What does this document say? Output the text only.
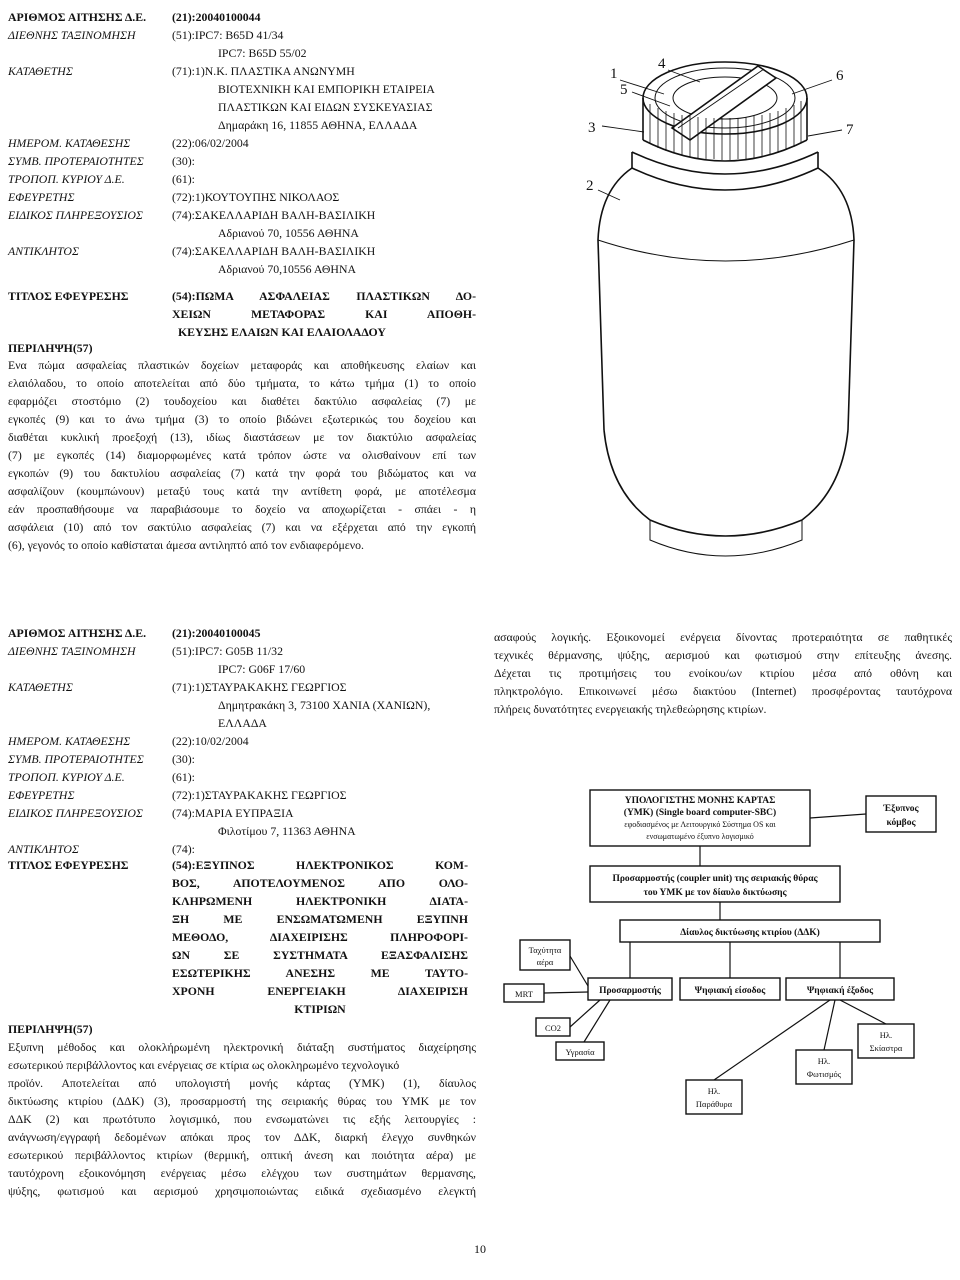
ΑΡΙΘΜΟΣ ΑΙΤΗΣΗΣ Δ.Ε. (21):20040100044
ΔΙΕΘΝΗΣ ΤΑΞΙΝΟΜΗΣΗ	(51):IPC7: B65D 41/34
IPC7: B65D 55/02
ΚΑΤΑΘΕΤΗΣ	(71):1)Ν.Κ. ΠΛΑΣΤΙΚΑ ΑΝΩΝΥΜΗ
ΒΙΟΤΕΧΝΙΚΗ ΚΑΙ ΕΜΠΟΡΙΚΗ ΕΤΑΙΡΕΙΑ
ΠΛΑΣΤΙΚΩΝ ΚΑΙ ΕΙΔΩΝ ΣΥΣΚΕΥΑΣΙΑΣ
Δημαράκη 16, 11855 ΑΘΗΝΑ, ΕΛΛΑΔΑ
ΗΜΕΡΟΜ. ΚΑΤΑΘΕΣΗΣ	(22):06/02/2004
ΣΥΜΒ. ΠΡΟΤΕΡΑΙΟΤΗΤΕΣ (30):
ΤΡΟΠΟΠ. ΚΥΡΙΟΥ Δ.Ε.	(61):
ΕΦΕΥΡΕΤΗΣ	(72):1)ΚΟΥΤΟΥΠΗΣ ΝΙΚΟΛΑΟΣ
ΕΙΔΙΚΟΣ ΠΛΗΡΕΞΟΥΣΙΟΣ (74):ΣΑΚΕΛΛΑΡΙΔΗ ΒΑΛΗ-ΒΑΣΙΛΙΚΗ
Αδριανού 70, 10556 ΑΘΗΝΑ
ΑΝΤΙΚΛΗΤΟΣ	(74):ΣΑΚΕΛΛΑΡΙΔΗ ΒΑΛΗ-ΒΑΣΙΛΙΚΗ
Αδριανού 70,10556 ΑΘΗΝΑ
ΤΙΤΛΟΣ ΕΦΕΥΡΕΣΗΣ	(54):ΠΩΜΑ ΑΣΦΑΛΕΙΑΣ ΠΛΑΣΤΙΚΩΝ ΔΟ-
ΧΕΙΩΝ ΜΕΤΑΦΟΡΑΣ ΚΑΙ ΑΠΟΘΗ-
ΚΕΥΣΗΣ ΕΛΑΙΩΝ ΚΑΙ ΕΛΑΙΟΛΑΔΟΥ
ΠΕΡΙΛΗΨΗ(57)
Ενα πώμα ασφαλείας πλαστικών δοχείων μεταφοράς και αποθήκευσης ελαίων και
ελαιόλαδου, το οποίο αποτελείται από δύο τμήματα, το κάτω τμήμα (1) το οποίο
εφαρμόζει στοστόμιο (2) τουδοχείου και διαθέτει δακτύλιο ασφαλείας (7) με
εγκοπές (9) και το άνω τμήμα (3) το οποίο βιδώνει εξωτερικώς του δοχείου και
διαθέται κυκλική προεξοχή (13), ιδίως διαστάσεων με τον διακτύλιο ασφαλείας
(7) με εγκοπές (14) διαμορφωμένες κατά τρόπον ώστε να ολισθαίνουν επί των
εγκοπών (9) του δακτυλίου ασφαλείας (7) κατά την φορά του βιδώματος και να
ασφαλίζουν (κουμπώνουν) μεταξύ τους κατά την αντίθετη φορά, με αποτέλεσμα
εάν προσπαθήσουμε να παραβιάσουμε το δοχείο να αποχωρίζεται - σπάει - η
ασφάλεια (10) από τον σακτύλιο ασφαλείας (7) και να εξέρχεται από την εγκοπή
(6), γεγονός το οποίο καθίσταται άμεσα αντιληπτό από τον ενδιαφερόμενο.
1
5
4
3
6
7
2
ΑΡΙΘΜΟΣ ΑΙΤΗΣΗΣ Δ.Ε. (21):20040100045
ΔΙΕΘΝΗΣ ΤΑΞΙΝΟΜΗΣΗ	(51):IPC7: G05B 11/32
IPC7: G06F 17/60
ΚΑΤΑΘΕΤΗΣ	(71):1)ΣΤΑΥΡΑΚΑΚΗΣ ΓΕΩΡΓΙΟΣ
Δημητρακάκη 3, 73100 ΧΑΝΙΑ (ΧΑΝΙΩΝ),
ΕΛΛΑΔΑ
ΗΜΕΡΟΜ. ΚΑΤΑΘΕΣΗΣ	(22):10/02/2004
ΣΥΜΒ. ΠΡΟΤΕΡΑΙΟΤΗΤΕΣ (30):
ΤΡΟΠΟΠ. ΚΥΡΙΟΥ Δ.Ε.	(61):
ΕΦΕΥΡΕΤΗΣ	(72):1)ΣΤΑΥΡΑΚΑΚΗΣ ΓΕΩΡΓΙΟΣ
ΕΙΔΙΚΟΣ ΠΛΗΡΕΞΟΥΣΙΟΣ (74):ΜΑΡΙΑ ΕΥΠΡΑΞΙΑ
Φιλοτίμου 7, 11363 ΑΘΗΝΑ
ΑΝΤΙΚΛΗΤΟΣ	(74):
ΤΙΤΛΟΣ ΕΦΕΥΡΕΣΗΣ	(54):ΕΞΥΠΝΟΣ ΗΛΕΚΤΡΟΝΙΚΟΣ ΚΟΜ-
ΒΟΣ, ΑΠΟΤΕΛΟΥΜΕΝΟΣ ΑΠΟ ΟΛΟ-
ΚΛΗΡΩΜΕΝΗ ΗΛΕΚΤΡΟΝΙΚΗ ΔΙΑΤΑ-
ΞΗ ΜΕ ΕΝΣΩΜΑΤΩΜΕΝΗ ΕΞΥΠΝΗ
ΜΕΘΟΔΟ, ΔΙΑΧΕΙΡΙΣΗΣ ΠΛΗΡΟΦΟΡΙ-
ΩΝ ΣΕ ΣΥΣΤΗΜΑΤΑ ΕΞΑΣΦΑΛΙΣΗΣ
ΕΣΩΤΕΡΙΚΗΣ ΑΝΕΣΗΣ ΜΕ ΤΑΥΤΟ-
ΧΡΟΝΗ ΕΝΕΡΓΕΙΑΚΗ ΔΙΑΧΕΙΡΙΣΗ
ΚΤΙΡΙΩΝ
ΠΕΡΙΛΗΨΗ(57)
Εξυπνη μέθοδος και ολοκλήρωμένη ηλεκτρονική διάταξη συστήματος διαχείρησης
εσωτερικού περιβάλλοντος και ενέργειας σε κτίρια ως ολοκληρωμένο τεχνολογικό
προϊόν. Αποτελείται από υπολογιστή μονής κάρτας (ΥΜΚ) (1), δίαυλος
δικτύωσης κτιρίου (ΔΔΚ) (3), προσαρμοστή της σειριακής θύρας του ΥΜΚ με τον
ΔΔΚ (2) και πρωτότυπο λογισμικό, που ενσωματώνει τις εξής λειτουργίες :
ανάγνωση/εγγραφή δεδομένων απόκαι προς τον ΔΔΚ, διαρκή έλεγχο συνθηκών
εσωτερικού περιβάλλοντος κτιρίων (θερμική, οπτική άνεση και ποιότητα αέρα) με
ταυτόχρονη εξοικονόμηση ενέργειας μέσω ελέγχου των συστημάτων θερμανσης,
ψύξης, φωτισμού και αερισμού χρησιμοποιώντας ειδικά σχεδιασμένο ελεγκτή
ασαφούς λογικής. Εξοικονομεί ενέργεια δίνοντας προτεραιότητα σε παθητικές
τεχνικές θέρμανσης, ψύξης, αερισμού και φωτισμού στην επίτευξης άνεσης.
Δέχεται τις προτιμήσεις του ενοίκου/ων κτιρίου μέσα από οθόνη και
πληκτρολόγιο. Επικοινωνεί μέσω διακτύου (Internet) προσφέροντας ταυτόχρονα
πλήρεις δυνατότητες ενεργειακής τηλεθεώρησης κτιρίων.
ΥΠΟΛΟΓΙΣΤΗΣ ΜΟΝΗΣ ΚΑΡΤΑΣ
(ΥΜΚ) (Single board computer-SBC)
εφοδιασμένος με Λειτουργικό Σύστημα OS και
ενσωματωμένο έξυπνο λογισμικό
Έξυπνος
κόμβος
Προσαρμοστής (coupler unit) της σειριακής θύρας
του ΥΜΚ με τον δίαυλο δικτύωσης
Δίαυλος δικτύωσης κτιρίου (ΔΔΚ)
Ταχύτητα
αέρα
MRT
CO2
Υγρασία
Προσαρμοστής	Ψηφιακή είσοδος	Ψηφιακή έξοδος
Ηλ.
Σκίαστρα
Ηλ.
Παράθυρα
Ηλ.
Φωτισμός
10
